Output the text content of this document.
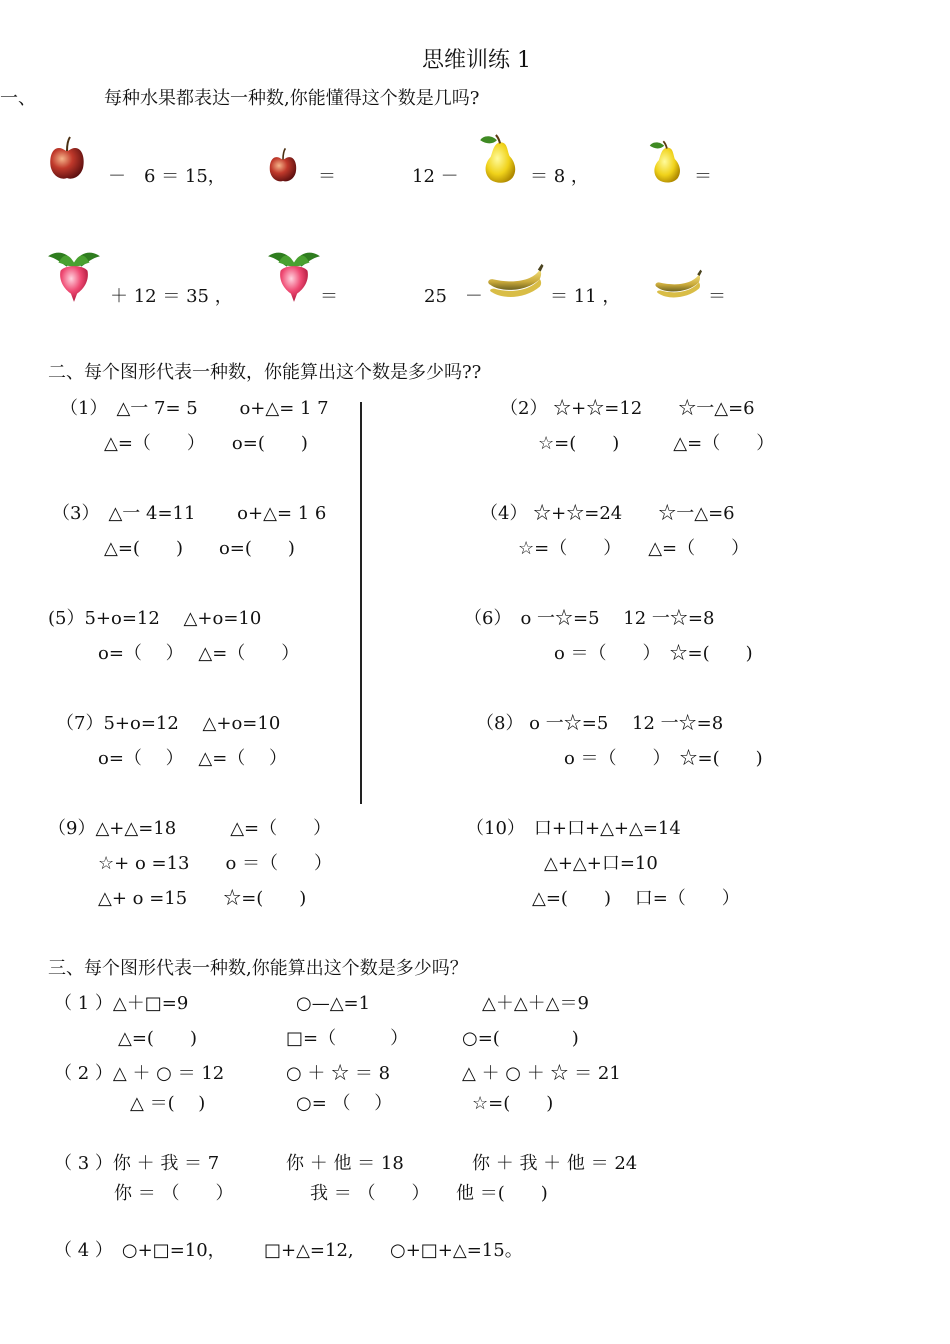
思维训练 1
一、	每种水果都表达一种数,你能懂得这个数是几吗?
－　6 ＝ 15，	＝	12 －	＝ 8 ，	＝
＋ 12 ＝ 35 ，	＝	25　－	＝ 11 ，	＝
二、每个图形代表一种数，你能算出这个数是多少吗??
（1）　△一 7= 5　　 o+△= 1 7
△=（　　）　　o=(　　)
（2） ☆+☆=12　　☆一△=6
☆=(　　)　　　△=（　　）
（3）　△一 4=11　　 o+△= 1 6
△=(　　)　　o=(　　)
（4） ☆+☆=24　　☆一△=6
☆=（　　）　　△=（　　）
(5）5+o=12　 △+o=10
o=（　 ）　 △=（　　）
（6）　o 一☆=5　 12 一☆=8
o ＝（　　）　☆=(　　)
（7）5+o=12　 △+o=10
o=（　 ）　 △=（　 ）
（8） o 一☆=5　 12 一☆=8
o ＝（　　）　☆=(　　)
（9）△+△=18　　　△=（　　）
☆+ o =13　　o ＝（　　）
△+ o =15　　☆=(　　)
（10）　口+口+△+△=14
△+△+口=10
△=(　　)　 口=（　　）
三、每个图形代表一种数,你能算出这个数是多少吗？
（ 1 ）△＋□=9	○—△=1	△＋△＋△＝9
△=(　　)	□=（　　　）	○=(　　　　)
（ 2 ）△ ＋ ○ ＝ 12	○ ＋ ☆ ＝ 8	△ ＋ ○ ＋ ☆ ＝ 21
△ ＝(　 )	○= （　 ）	☆=(　　)
（ 3 ）你 ＋ 我 ＝ 7	你 ＋ 他 ＝ 18	你 ＋ 我 ＋ 他 ＝ 24
你 ＝ （　　）	我 ＝ （　　） 他 ＝(　　)
（ 4 ）　○+□=10， □+△=12, ○+□+△=15。
